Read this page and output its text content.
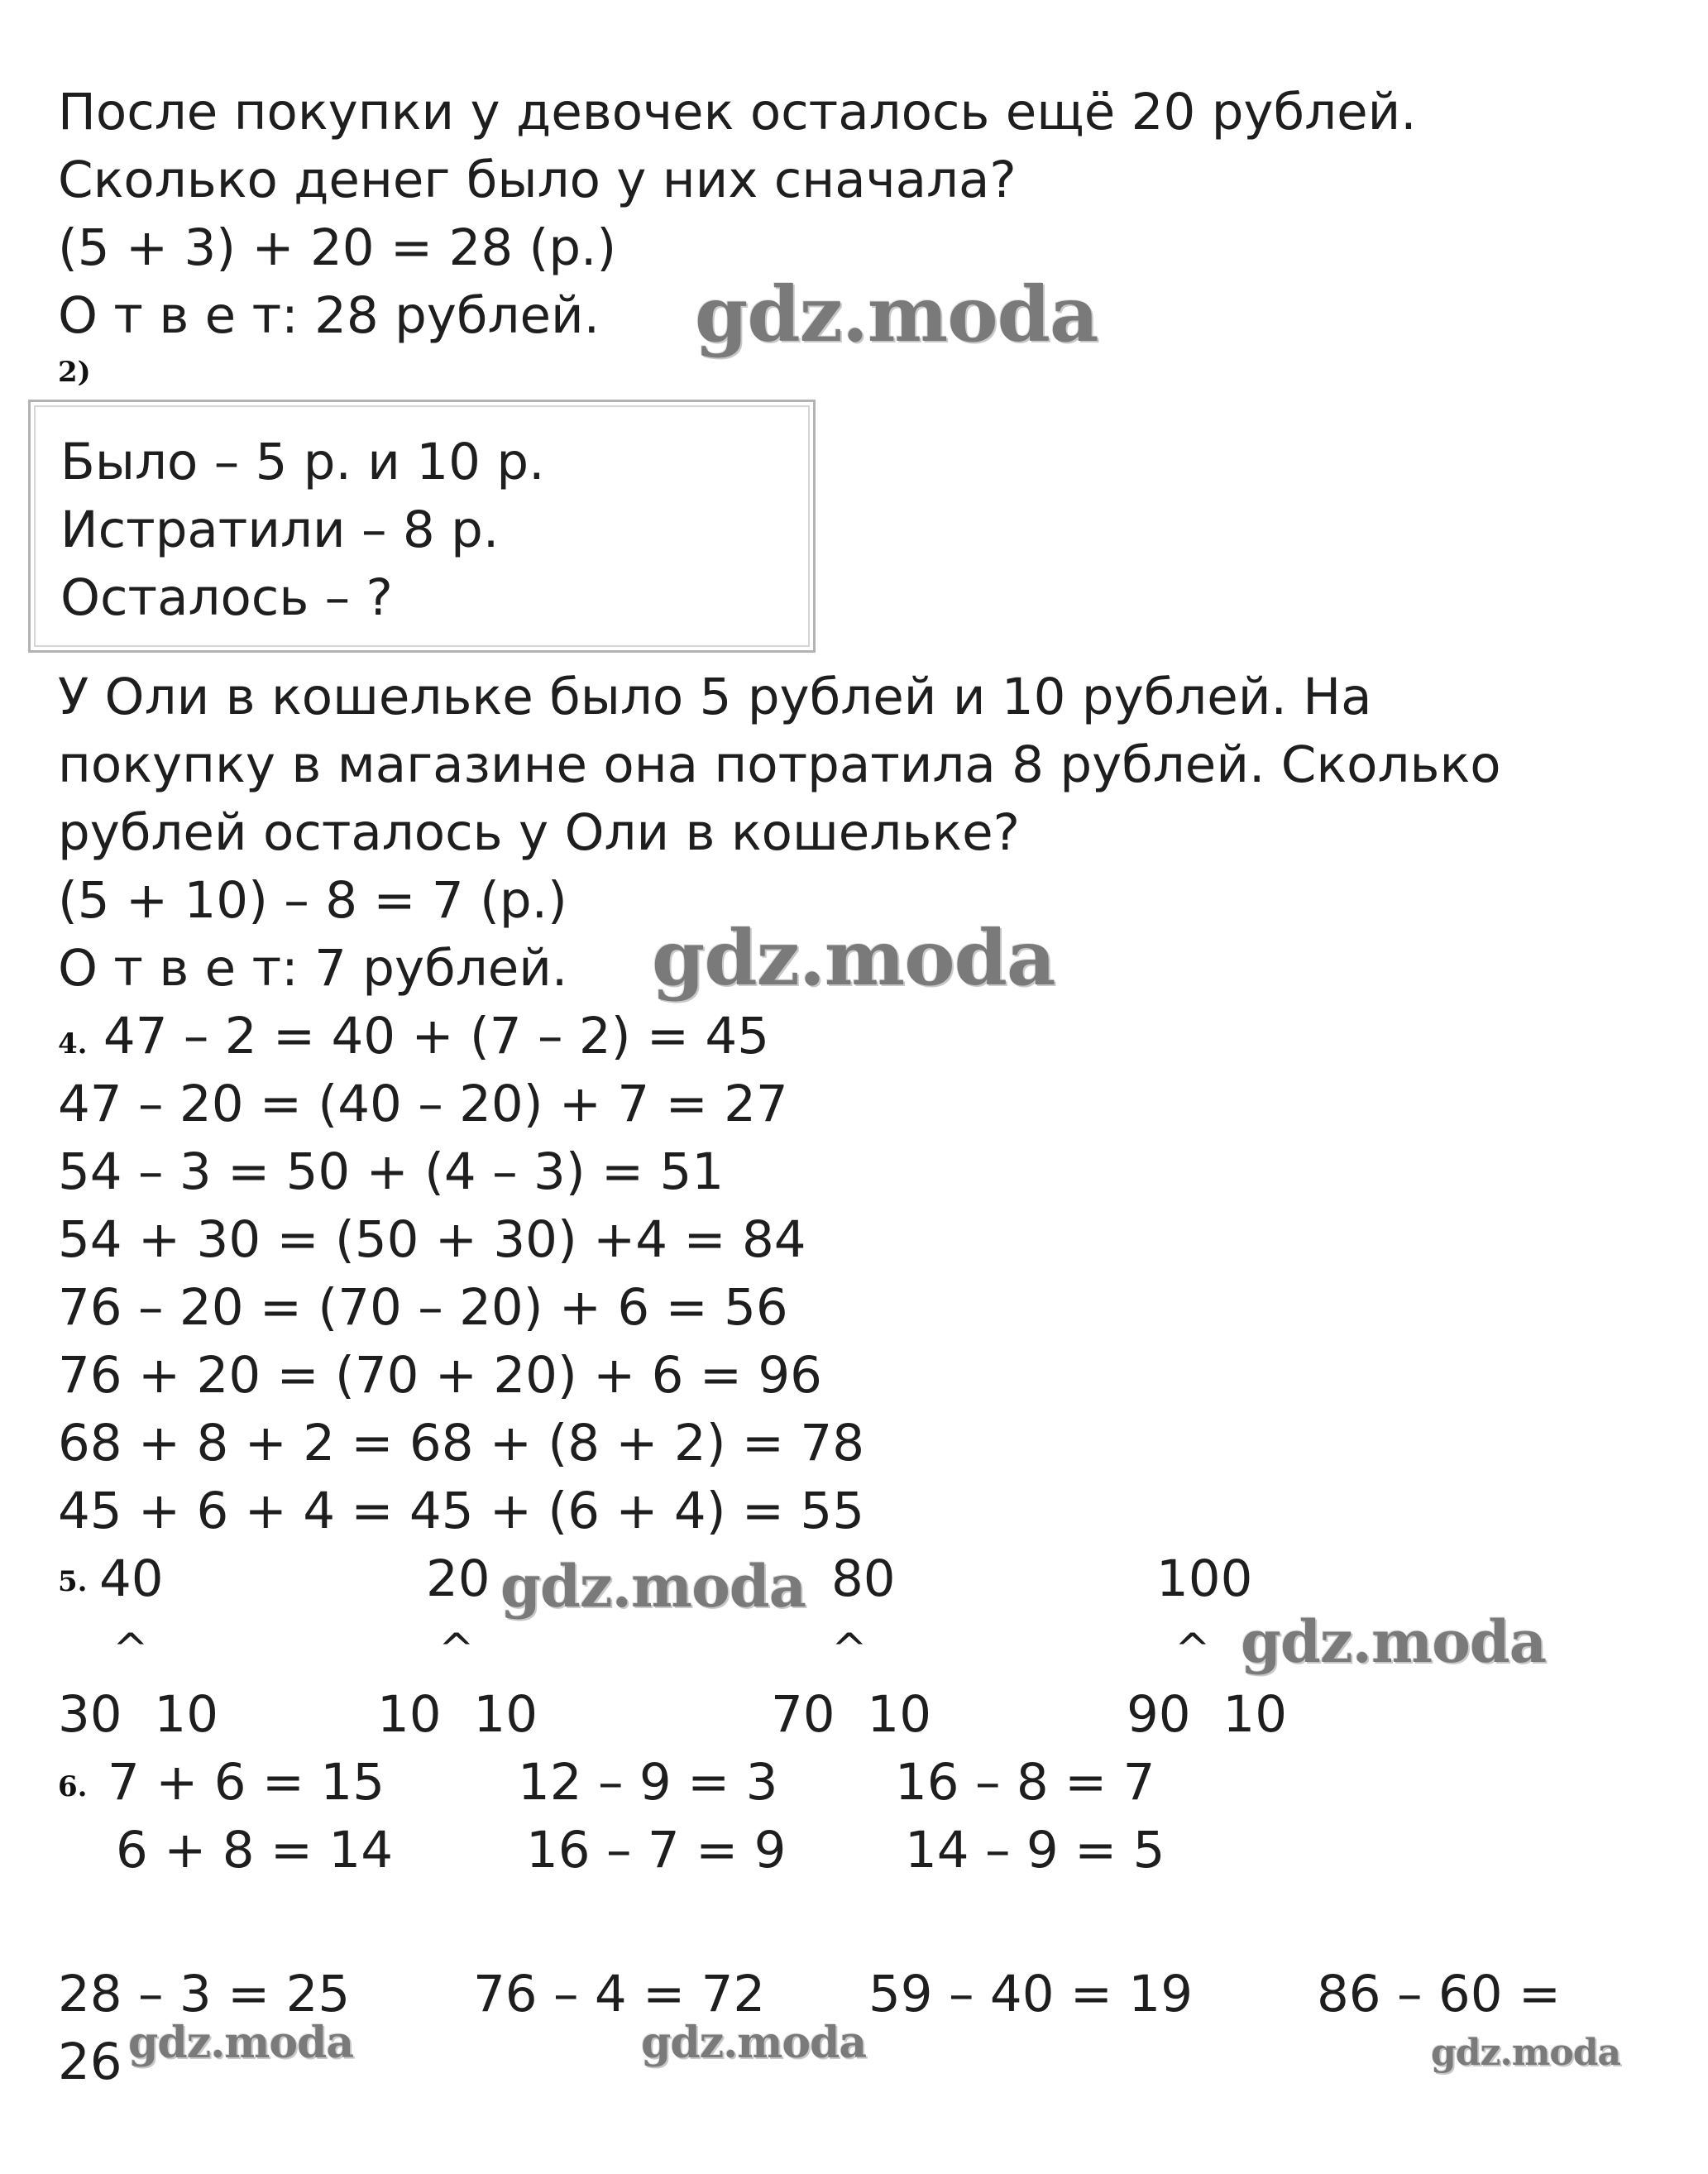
После покупки у девочек осталось ещё 20 рублей.

Сколько денег было у них сначала?

(5 + 3) + 20 = 28 (р.)

О т в е т: 28 рублей.

2)

Было – 5 р. и 10 р.

Истратили – 8 р.

Осталось – ?

У Оли в кошельке было 5 рублей и 10 рублей. На

покупку в магазине она потратила 8 рублей. Сколько

рублей осталось у Оли в кошельке?

(5 + 10) – 8 = 7 (р.)

О т в е т: 7 рублей.

4. 47 – 2 = 40 + (7 – 2) = 45

47 – 20 = (40 – 20) + 7 = 27

54 – 3 = 50 + (4 – 3) = 51

54 + 30 = (50 + 30) +4 = 84

76 – 20 = (70 – 20) + 6 = 56

76 + 20 = (70 + 20) + 6 = 96

68 + 8 + 2 = 68 + (8 + 2) = 78

45 + 6 + 4 = 45 + (6 + 4) = 55

5. 40	20	80	100

^	^	^	^

30  10	10  10	70  10	90  10

6. 7 + 6 = 15	12 – 9 = 3 16 – 8 = 7

6 + 8 = 14	16 – 7 = 9 14 – 9 = 5

28 – 3 = 25 76 – 4 = 72 59 – 40 = 19 86 – 60 =

26

gdz.moda

gdz.moda

gdz.moda

gdz.moda

gdz.moda	gdz.moda	gdz.moda
